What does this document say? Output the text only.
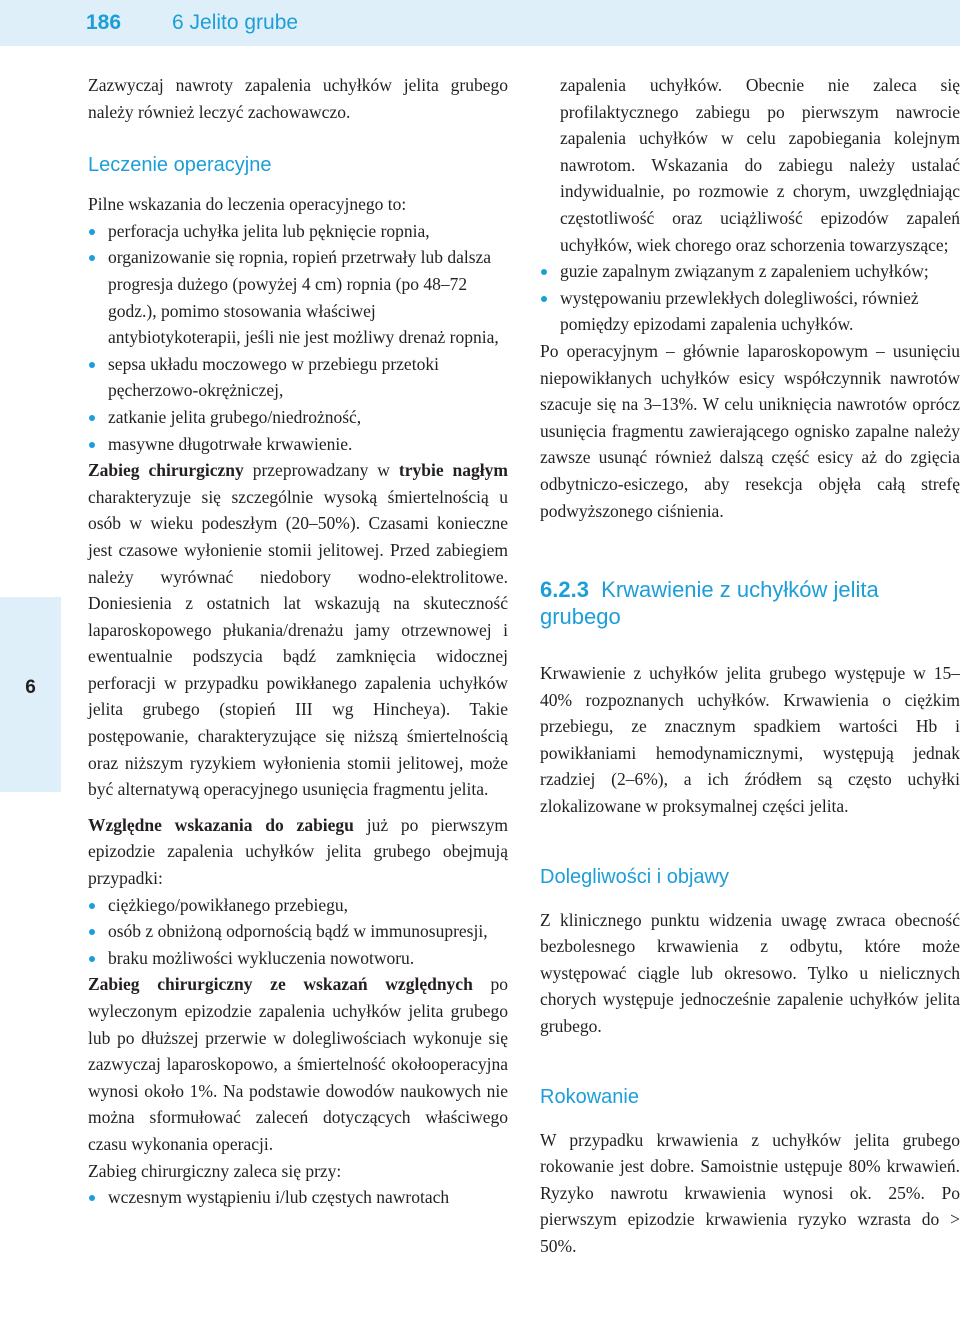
186 6 Jelito grube
6

Zazwyczaj nawroty zapalenia uchyłków jelita grubego należy również leczyć zachowawczo.

Leczenie operacyjne

Pilne wskazania do leczenia operacyjnego to:

perforacja uchyłka jelita lub pęknięcie ropnia,
organizowanie się ropnia, ropień przetrwały lub dalsza progresja dużego (powyżej 4 cm) ropnia (po 48–72 godz.), pomimo stosowania właściwej antybiotykoterapii, jeśli nie jest możliwy drenaż ropnia,
sepsa układu moczowego w przebiegu przetoki pęcherzowo-okrężniczej,
zatkanie jelita grubego/niedrożność,
masywne długotrwałe krwawienie.

Zabieg chirurgiczny przeprowadzany w trybie nagłym charakteryzuje się szczególnie wysoką śmiertelnością u osób w wieku podeszłym (20–50%). Czasami konieczne jest czasowe wyłonienie stomii jelitowej. Przed zabiegiem należy wyrównać niedobory wodno-elektrolitowe. Doniesienia z ostatnich lat wskazują na skuteczność laparoskopowego płukania/drenażu jamy otrzewnowej i ewentualnie podszycia bądź zamknięcia widocznej perforacji w przypadku powikłanego zapalenia uchyłków jelita grubego (stopień III wg Hincheya). Takie postępowanie, charakteryzujące się niższą śmiertelnością oraz niższym ryzykiem wyłonienia stomii jelitowej, może być alternatywą operacyjnego usunięcia fragmentu jelita.

Względne wskazania do zabiegu już po pierwszym epizodzie zapalenia uchyłków jelita grubego obejmują przypadki:

ciężkiego/powikłanego przebiegu,
osób z obniżoną odpornością bądź w immunosupresji,
braku możliwości wykluczenia nowotworu.

Zabieg chirurgiczny ze wskazań względnych po wyleczonym epizodzie zapalenia uchyłków jelita grubego lub po dłuższej przerwie w dolegliwościach wykonuje się zazwyczaj laparoskopowo, a śmiertelność okołooperacyjna wynosi około 1%. Na podstawie dowodów naukowych nie można sformułować zaleceń dotyczących właściwego czasu wykonania operacji.

Zabieg chirurgiczny zaleca się przy:

wczesnym wystąpieniu i/lub częstych nawrotach

zapalenia uchyłków. Obecnie nie zaleca się profilaktycznego zabiegu po pierwszym nawrocie zapalenia uchyłków w celu zapobiegania kolejnym nawrotom. Wskazania do zabiegu należy ustalać indywidualnie, po rozmowie z chorym, uwzględniając częstotliwość oraz uciążliwość epizodów zapaleń uchyłków, wiek chorego oraz schorzenia towarzyszące;

guzie zapalnym związanym z zapaleniem uchyłków;
występowaniu przewlekłych dolegliwości, również pomiędzy epizodami zapalenia uchyłków.

Po operacyjnym – głównie laparoskopowym – usunięciu niepowikłanych uchyłków esicy współczynnik nawrotów szacuje się na 3–13%. W celu uniknięcia nawrotów oprócz usunięcia fragmentu zawierającego ognisko zapalne należy zawsze usunąć również dalszą część esicy aż do zgięcia odbytniczo-esiczego, aby resekcja objęła całą strefę podwyższonego ciśnienia.

6.2.3 Krwawienie z uchyłków jelita grubego

Krwawienie z uchyłków jelita grubego występuje w 15–40% rozpoznanych uchyłków. Krwawienia o ciężkim przebiegu, ze znacznym spadkiem wartości Hb i powikłaniami hemodynamicznymi, występują jednak rzadziej (2–6%), a ich źródłem są często uchyłki zlokalizowane w proksymalnej części jelita.

Dolegliwości i objawy

Z klinicznego punktu widzenia uwagę zwraca obecność bezbolesnego krwawienia z odbytu, które może występować ciągle lub okresowo. Tylko u nielicznych chorych występuje jednocześnie zapalenie uchyłków jelita grubego.

Rokowanie

W przypadku krwawienia z uchyłków jelita grubego rokowanie jest dobre. Samoistnie ustępuje 80% krwawień. Ryzyko nawrotu krwawienia wynosi ok. 25%. Po pierwszym epizodzie krwawienia ryzyko wzrasta do > 50%.
